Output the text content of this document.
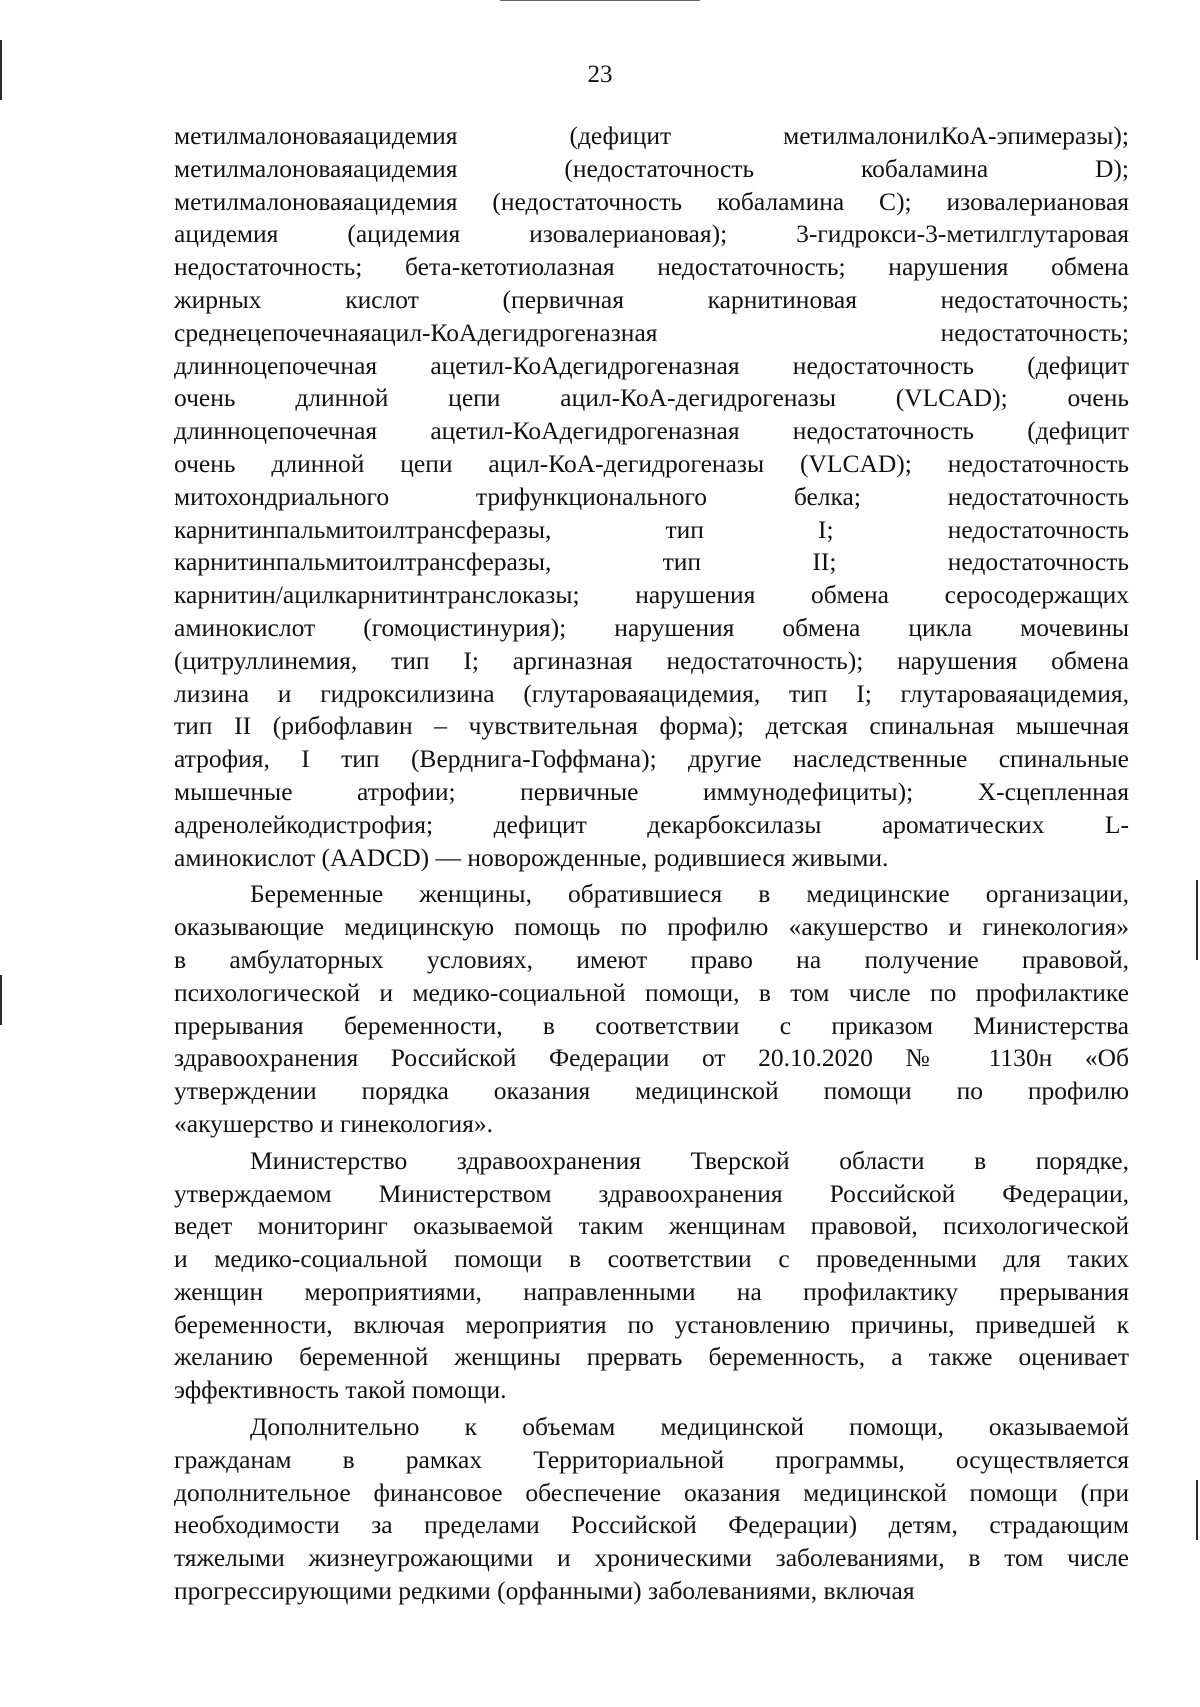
23
метилмалоноваяацидемия (дефицит метилмалонилКоА-эпимеразы);
метилмалоноваяацидемия (недостаточность кобаламина D);
метилмалоноваяацидемия (недостаточность кобаламина С); изовалериановая
ацидемия (ацидемия изовалериановая); 3-гидрокси-3-метилглутаровая
недостаточность; бета-кетотиолазная недостаточность; нарушения обмена
жирных кислот (первичная карнитиновая недостаточность;
среднецепочечнаяацил-КоАдегидрогеназная недостаточность;
длинноцепочечная ацетил-КоАдегидрогеназная недостаточность (дефицит
очень длинной цепи ацил-КоА-дегидрогеназы (VLCAD); очень
длинноцепочечная ацетил-КоАдегидрогеназная недостаточность (дефицит
очень длинной цепи ацил-КоА-дегидрогеназы (VLCAD); недостаточность
митохондриального трифункционального белка; недостаточность
карнитинпальмитоилтрансферазы, тип I; недостаточность
карнитинпальмитоилтрансферазы, тип II; недостаточность
карнитин/ацилкарнитинтранслоказы; нарушения обмена серосодержащих
аминокислот (гомоцистинурия); нарушения обмена цикла мочевины
(цитруллинемия, тип I; аргиназная недостаточность); нарушения обмена
лизина и гидроксилизина (глутароваяацидемия, тип I; глутароваяацидемия,
тип II (рибофлавин – чувствительная форма); детская спинальная мышечная
атрофия, I тип (Верднига-Гоффмана); другие наследственные спинальные
мышечные атрофии; первичные иммунодефициты); Х-сцепленная
адренолейкодистрофия; дефицит декарбоксилазы ароматических L-
аминокислот (AADCD) — новорожденные, родившиеся живыми.
Беременные женщины, обратившиеся в медицинские организации,
оказывающие медицинскую помощь по профилю «акушерство и гинекология»
в амбулаторных условиях, имеют право на получение правовой,
психологической и медико-социальной помощи, в том числе по профилактике
прерывания беременности, в соответствии с приказом Министерства
здравоохранения Российской Федерации от 20.10.2020 № 1130н «Об
утверждении порядка оказания медицинской помощи по профилю
«акушерство и гинекология».
Министерство здравоохранения Тверской области в порядке,
утверждаемом Министерством здравоохранения Российской Федерации,
ведет мониторинг оказываемой таким женщинам правовой, психологической
и медико-социальной помощи в соответствии с проведенными для таких
женщин мероприятиями, направленными на профилактику прерывания
беременности, включая мероприятия по установлению причины, приведшей к
желанию беременной женщины прервать беременность, а также оценивает
эффективность такой помощи.
Дополнительно к объемам медицинской помощи, оказываемой
гражданам в рамках Территориальной программы, осуществляется
дополнительное финансовое обеспечение оказания медицинской помощи (при
необходимости за пределами Российской Федерации) детям, страдающим
тяжелыми жизнеугрожающими и хроническими заболеваниями, в том числе
прогрессирующими редкими (орфанными) заболеваниями, включая
